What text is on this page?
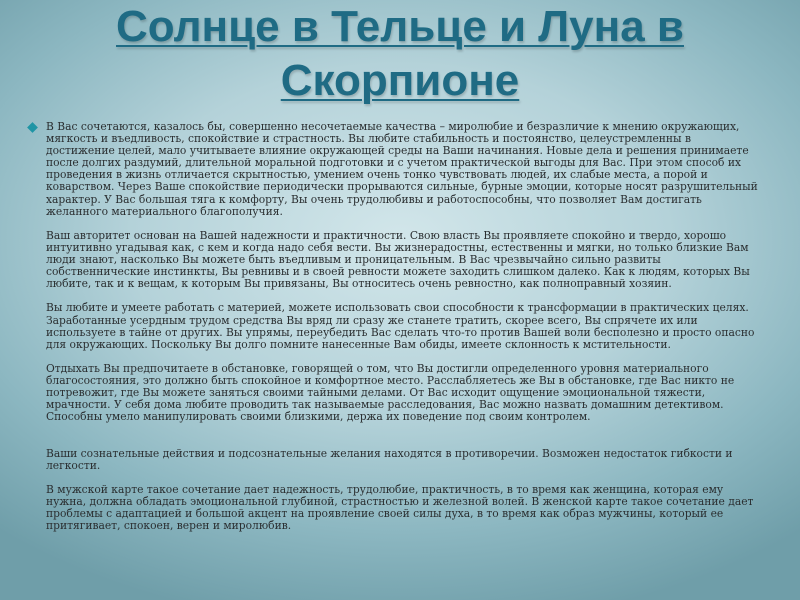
Солнце в Тельце и Луна в Скорпионе

В Вас сочетаются, казалось бы, совершенно несочетаемые качества – миролюбие и безразличие к мнению окружающих, мягкость и въедливость, спокойствие и страстность. Вы любите стабильность и постоянство, целеустремленны в достижение целей, мало учитываете влияние окружающей среды на Ваши начинания. Новые дела и решения принимаете после долгих раздумий, длительной моральной подготовки и с учетом практической выгоды для Вас. При этом способ их проведения в жизнь отличается скрытностью, умением очень тонко чувствовать людей, их слабые места, а порой и коварством. Через Ваше спокойствие периодически прорываются сильные, бурные эмоции, которые носят разрушительный характер. У Вас большая тяга к комфорту, Вы очень трудолюбивы и работоспособны, что позволяет Вам достигать желанного материального благополучия.

Ваш авторитет основан на Вашей надежности и практичности. Свою власть Вы проявляете спокойно и твердо, хорошо интуитивно угадывая как, с кем и когда надо себя вести. Вы жизнерадостны, естественны и мягки, но только близкие Вам люди знают, насколько Вы можете быть въедливым и проницательным. В Вас чрезвычайно сильно развиты собственнические инстинкты, Вы ревнивы и в своей ревности можете заходить слишком далеко. Как к людям, которых Вы любите, так и к вещам, к которым Вы привязаны, Вы относитесь очень ревностно, как полноправный хозяин.

Вы любите и умеете работать с материей, можете использовать свои способности к трансформации в практических целях. Заработанные усердным трудом средства Вы вряд ли сразу же станете тратить, скорее всего, Вы спрячете их или используете в тайне от других. Вы упрямы, переубедить Вас сделать что-то против Вашей воли бесполезно и просто опасно для окружающих. Поскольку Вы долго помните нанесенные Вам обиды, имеете склонность к мстительности.

Отдыхать Вы предпочитаете в обстановке, говорящей о том, что Вы достигли определенного уровня материального благосостояния, это должно быть спокойное и комфортное место. Расслабляетесь же Вы в обстановке, где Вас никто не потревожит, где Вы можете заняться своими тайными делами. От Вас исходит ощущение эмоциональной тяжести, мрачности. У себя дома любите проводить так называемые расследования, Вас можно назвать домашним детективом. Способны умело манипулировать своими близкими, держа их поведение под своим контролем.

Ваши сознательные действия и подсознательные желания находятся в противоречии. Возможен недостаток гибкости и легкости.

В мужской карте такое сочетание дает надежность, трудолюбие, практичность, в то время как женщина, которая ему нужна, должна обладать эмоциональной глубиной, страстностью и железной волей. В женской карте такое сочетание дает проблемы с адаптацией и большой акцент на проявление своей силы духа, в то время как образ мужчины, который ее притягивает, спокоен, верен и миролюбив.
